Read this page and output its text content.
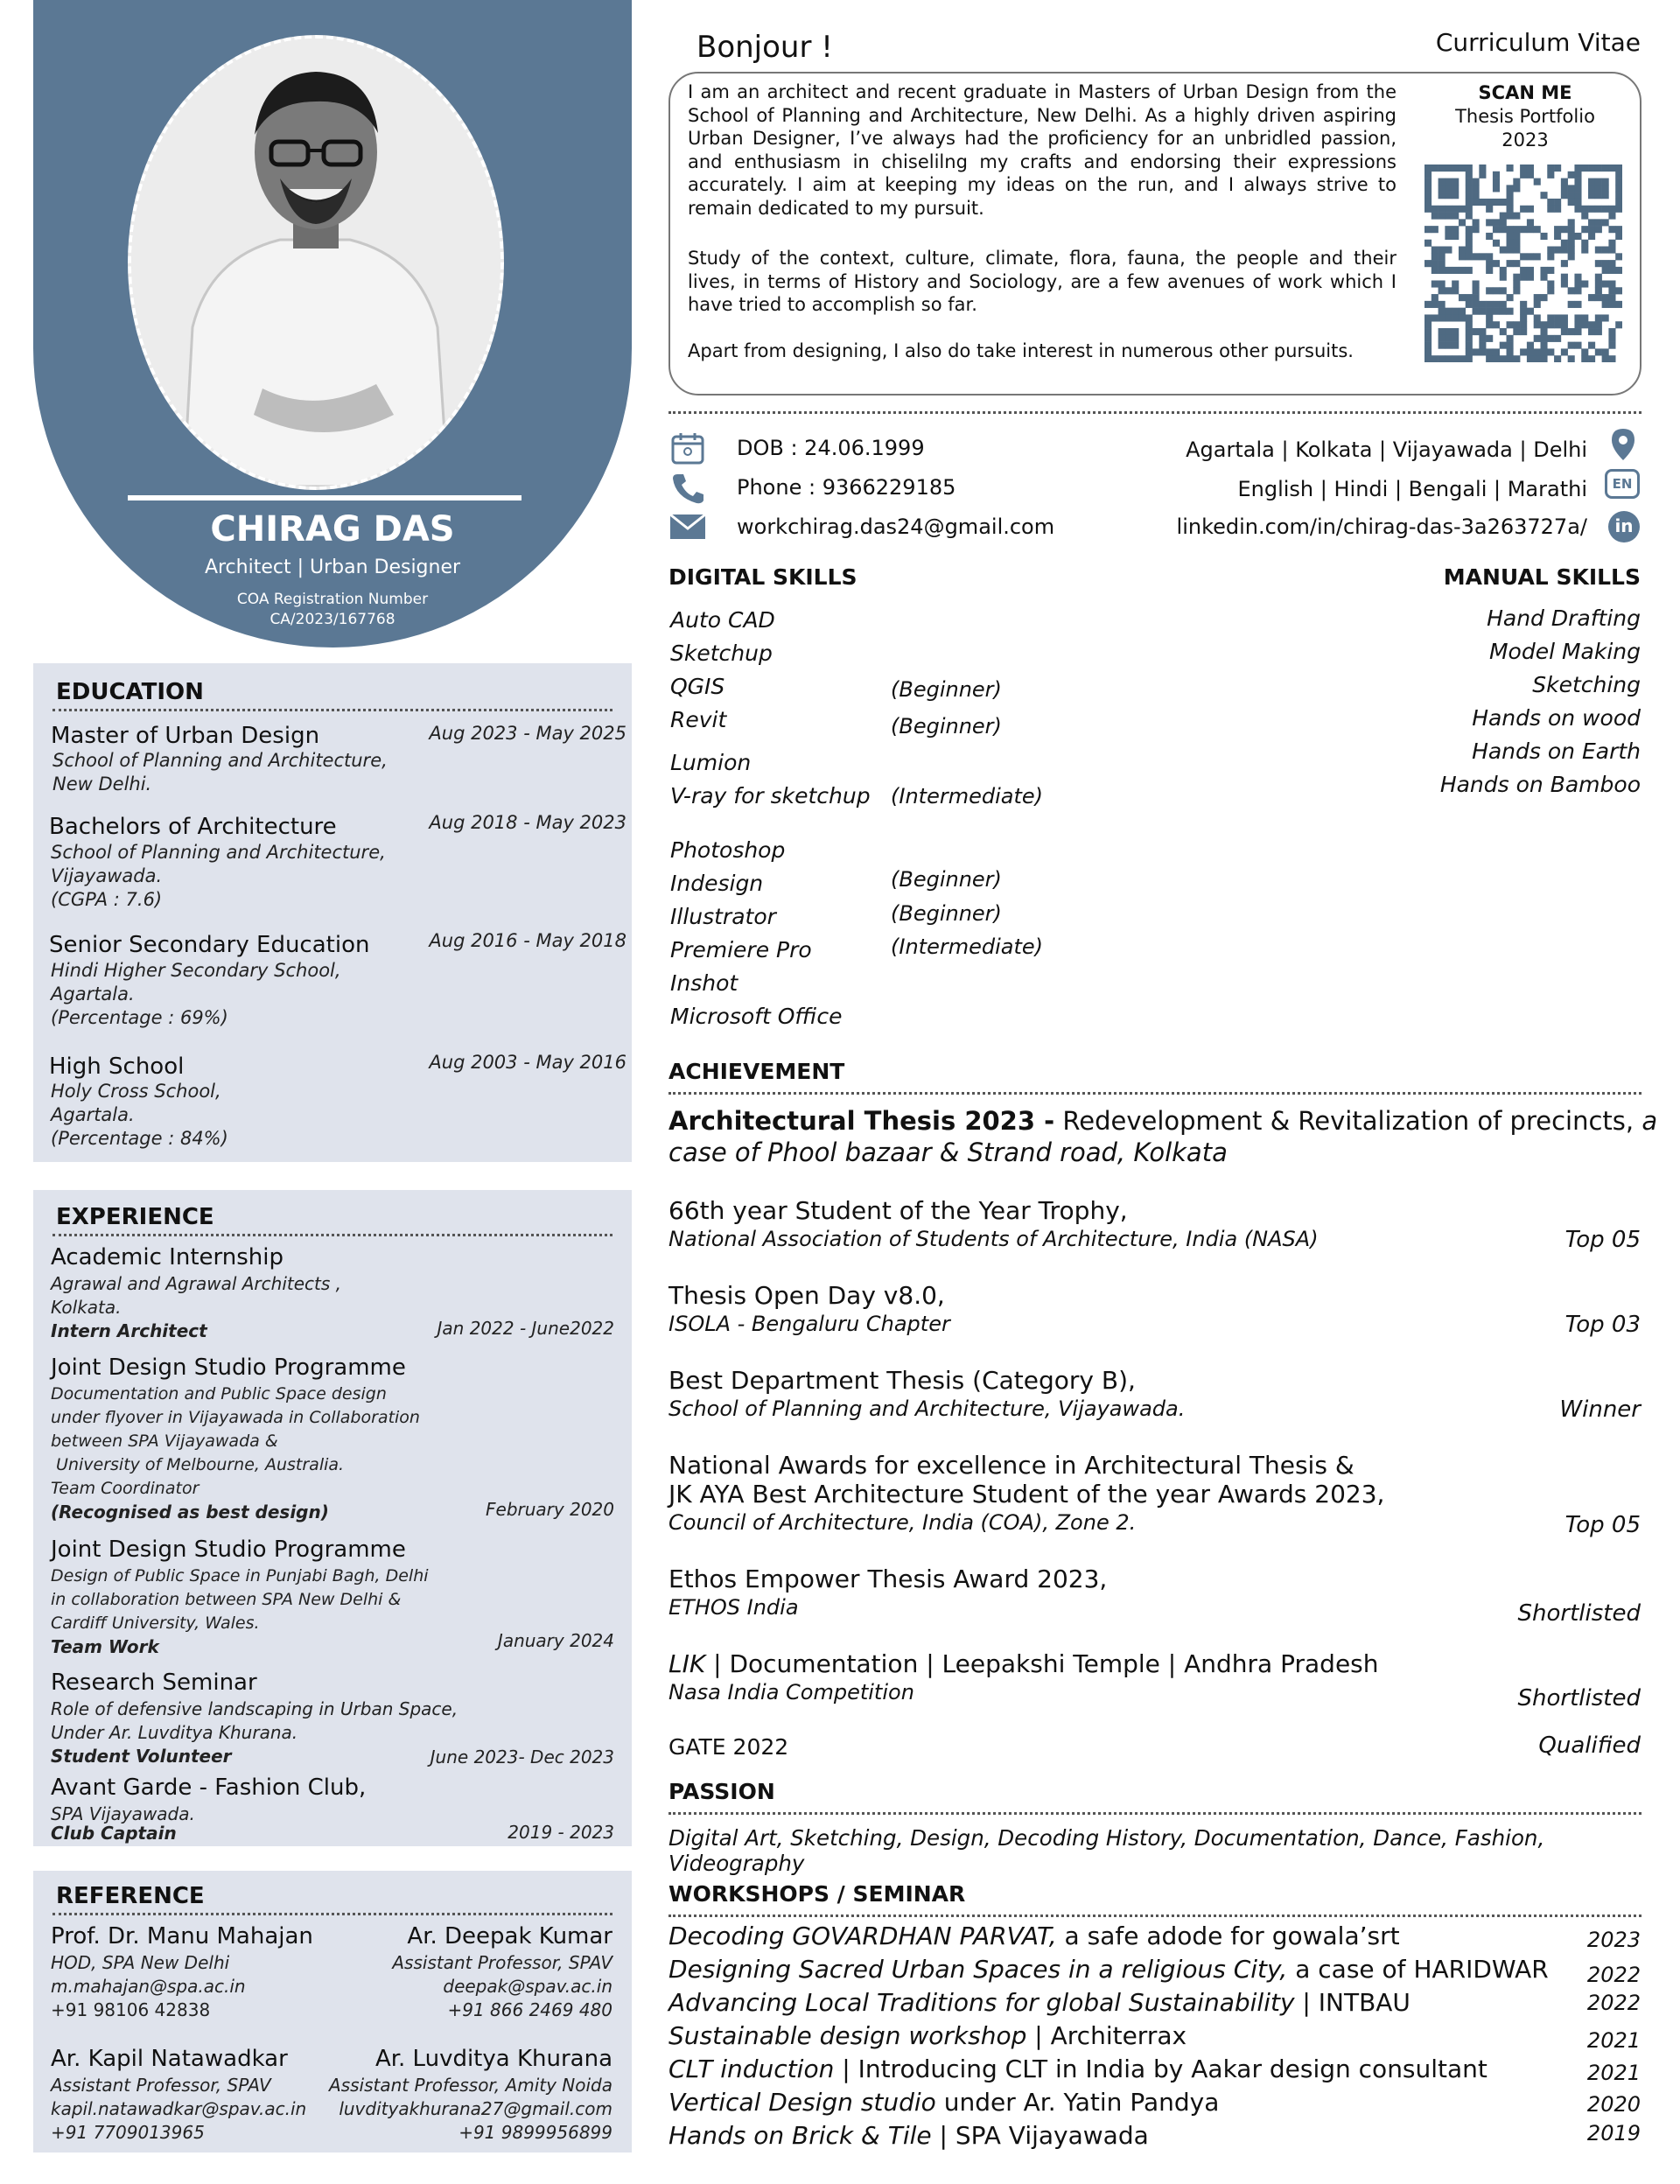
CHIRAG DAS
Architect | Urban Designer
COA Registration Number
CA/2023/167768
EDUCATION
Master of Urban Design	Aug 2023 - May 2025
School of Planning and Architecture,
New Delhi.
Bachelors of Architecture	Aug 2018 - May 2023
School of Planning and Architecture,
Vijayawada.
(CGPA : 7.6)
Senior Secondary Education	Aug 2016 - May 2018
Hindi Higher Secondary School,
Agartala.
(Percentage : 69%)
High School	Aug 2003 - May 2016
Holy Cross School,
Agartala.
(Percentage : 84%)
EXPERIENCE
Academic Internship
Agrawal and Agrawal Architects ,
Kolkata.
Intern Architect	Jan 2022 - June2022
Joint Design Studio Programme
Documentation and Public Space design
under flyover in Vijayawada in Collaboration
between SPA Vijayawada &
University of Melbourne, Australia.
Team Coordinator
(Recognised as best design)	February 2020
Joint Design Studio Programme
Design of Public Space in Punjabi Bagh, Delhi
in collaboration between SPA New Delhi &
Cardiff University, Wales.
Team Work	January 2024
Research Seminar
Role of defensive landscaping in Urban Space,
Under Ar. Luvditya Khurana.
Student Volunteer	June 2023- Dec 2023
Avant Garde - Fashion Club,
SPA Vijayawada.
Club Captain	2019 - 2023
REFERENCE
Prof. Dr. Manu Mahajan
HOD, SPA New Delhi
m.mahajan@spa.ac.in
+91 98106 42838
Ar. Deepak Kumar
Assistant Professor, SPAV
deepak@spav.ac.in
+91 866 2469 480
Ar. Kapil Natawadkar
Assistant Professor, SPAV
kapil.natawadkar@spav.ac.in
+91 7709013965
Ar. Luvditya Khurana
Assistant Professor, Amity Noida
luvdityakhurana27@gmail.com
+91 9899956899
Bonjour !	Curriculum Vitae
I am an architect and recent graduate in Masters of Urban Design from the School of Planning and Architecture, New Delhi. As a highly driven aspiring Urban Designer, I’ve always had the proficiency for an unbridled passion, and enthusiasm in chiselilng my crafts and endorsing their expressions accurately. I aim at keeping my ideas on the run, and I always strive to remain dedicated to my pursuit.
Study of the context, culture, climate, flora, fauna, the people and their lives, in terms of History and Sociology, are a few avenues of work which I have tried to accomplish so far.
Apart from designing, I also do take interest in numerous other pursuits.
SCAN ME
Thesis Portfolio
2023
DOB : 24.06.1999
Phone : 9366229185
workchirag.das24@gmail.com
Agartala | Kolkata | Vijayawada | Delhi
English | Hindi | Bengali | Marathi
linkedin.com/in/chirag-das-3a263727a/
EN
in
DIGITAL SKILLS	MANUAL SKILLS
Auto CAD
Sketchup
QGIS	(Beginner)
Revit	(Beginner)
Lumion
V-ray for sketchup (Intermediate)
Photoshop
Indesign	(Beginner)
Illustrator	(Beginner)
Premiere Pro	(Intermediate)
Inshot
Microsoft Office
Hand Drafting
Model Making
Sketching
Hands on wood
Hands on Earth
Hands on Bamboo
ACHIEVEMENT
Architectural Thesis 2023 - Redevelopment & Revitalization of precincts, a
case of Phool bazaar & Strand road, Kolkata
66th year Student of the Year Trophy,
National Association of Students of Architecture, India (NASA)	Top 05
Thesis Open Day v8.0,
ISOLA - Bengaluru Chapter	Top 03
Best Department Thesis (Category B),
School of Planning and Architecture, Vijayawada.	Winner
National Awards for excellence in Architectural Thesis &
JK AYA Best Architecture Student of the year Awards 2023,
Council of Architecture, India (COA), Zone 2.	Top 05
Ethos Empower Thesis Award 2023,
ETHOS India	Shortlisted
LIK | Documentation | Leepakshi Temple | Andhra Pradesh
Nasa India Competition	Shortlisted
GATE 2022	Qualified
PASSION
Digital Art, Sketching, Design, Decoding History, Documentation, Dance, Fashion, Videography
WORKSHOPS / SEMINAR
Decoding GOVARDHAN PARVAT, a safe adode for gowala’srt	2023
Designing Sacred Urban Spaces in a religious City, a case of HARIDWAR 2022
Advancing Local Traditions for global Sustainability | INTBAU	2022
Sustainable design workshop | Architerrax	2021
CLT induction | Introducing CLT in India by Aakar design consultant	2021
Vertical Design studio under Ar. Yatin Pandya	2020
Hands on Brick & Tile | SPA Vijayawada	2019
